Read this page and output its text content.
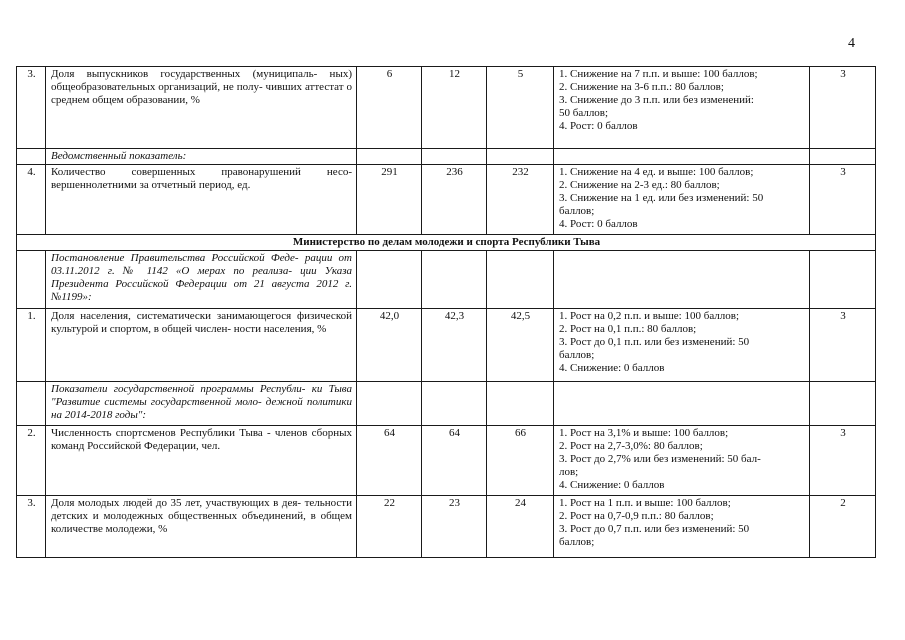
4
3.	Доля выпускников государственных (муниципаль- ных) общеобразовательных организаций, не полу- чивших аттестат о среднем общем образовании, %	6	12	5	1. Снижение на 7 п.п. и выше: 100 баллов;
2. Снижение на 3-6 п.п.: 80 баллов;
3. Снижение до 3 п.п. или без изменений:
50 баллов;
4. Рост: 0 баллов	3
	Ведомственный показатель:					
4.	Количество совершенных правонарушений несо- вершеннолетними за отчетный период, ед.	291	236	232	1. Снижение на 4 ед. и выше: 100 баллов;
2. Снижение на 2-3 ед.: 80 баллов;
3. Снижение на 1 ед. или без изменений: 50
баллов;
4. Рост: 0 баллов	3
Министерство по делам молодежи и спорта Республики Тыва						
	Постановление Правительства Российской Феде- рации от 03.11.2012 г. № 1142 «О мерах по реализа- ции Указа Президента Российской Федерации от 21 августа 2012 г. №1199»:					
1.	Доля населения, систематически занимающегося физической культурой и спортом, в общей числен- ности населения, %	42,0	42,3	42,5	1. Рост на 0,2 п.п. и выше: 100 баллов;
2. Рост на 0,1 п.п.: 80 баллов;
3. Рост до 0,1 п.п. или без изменений: 50
баллов;
4. Снижение: 0 баллов	3
	Показатели государственной программы Республи- ки Тыва "Развитие системы государственной моло- дежной политики на 2014-2018 годы":					
2.	Численность спортсменов Республики Тыва - членов сборных команд Российской Федерации, чел.	64	64	66	1. Рост на 3,1% и выше: 100 баллов;
2. Рост на 2,7-3,0%: 80 баллов;
3. Рост до 2,7% или без изменений: 50 бал-
лов;
4. Снижение: 0 баллов	3
3.	Доля молодых людей до 35 лет, участвующих в дея- тельности детских и молодежных общественных объединений, в общем количестве молодежи, %	22	23	24	1. Рост на 1 п.п. и выше: 100 баллов;
2. Рост на 0,7-0,9 п.п.: 80 баллов;
3. Рост до 0,7 п.п. или без изменений: 50
баллов;	2
